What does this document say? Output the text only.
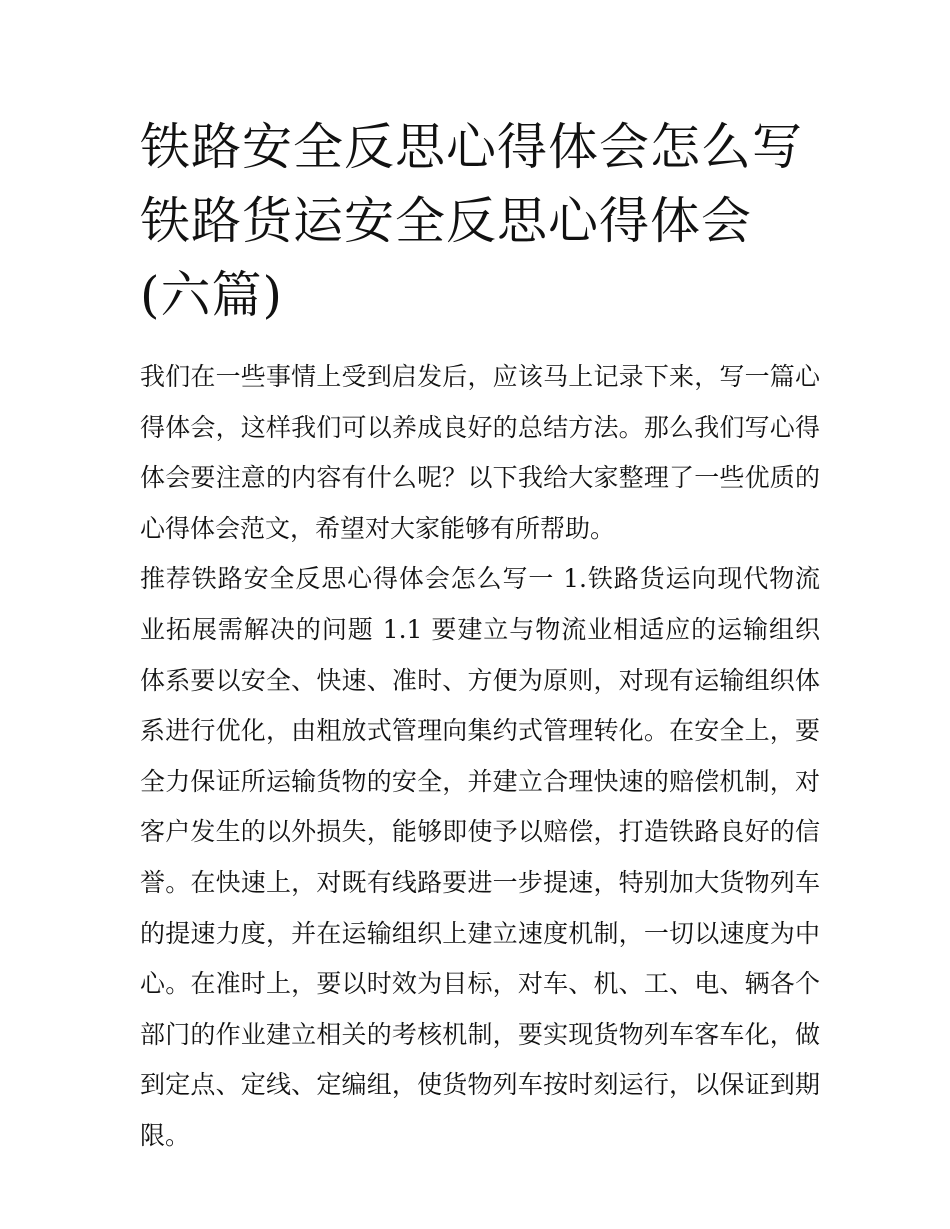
铁路安全反思心得体会怎么写铁路货运安全反思心得体会(六篇)

我们在一些事情上受到启发后，应该马上记录下来，写一篇心得体会，这样我们可以养成良好的总结方法。那么我们写心得体会要注意的内容有什么呢？以下我给大家整理了一些优质的心得体会范文，希望对大家能够有所帮助。

推荐铁路安全反思心得体会怎么写一 1.铁路货运向现代物流业拓展需解决的问题 1.1 要建立与物流业相适应的运输组织体系要以安全、快速、准时、方便为原则，对现有运输组织体系进行优化，由粗放式管理向集约式管理转化。在安全上，要全力保证所运输货物的安全，并建立合理快速的赔偿机制，对客户发生的以外损失，能够即使予以赔偿，打造铁路良好的信誉。在快速上，对既有线路要进一步提速，特别加大货物列车的提速力度，并在运输组织上建立速度机制，一切以速度为中心。在准时上，要以时效为目标，对车、机、工、电、辆各个部门的作业建立相关的考核机制，要实现货物列车客车化，做到定点、定线、定编组，使货物列车按时刻运行，以保证到期限。
